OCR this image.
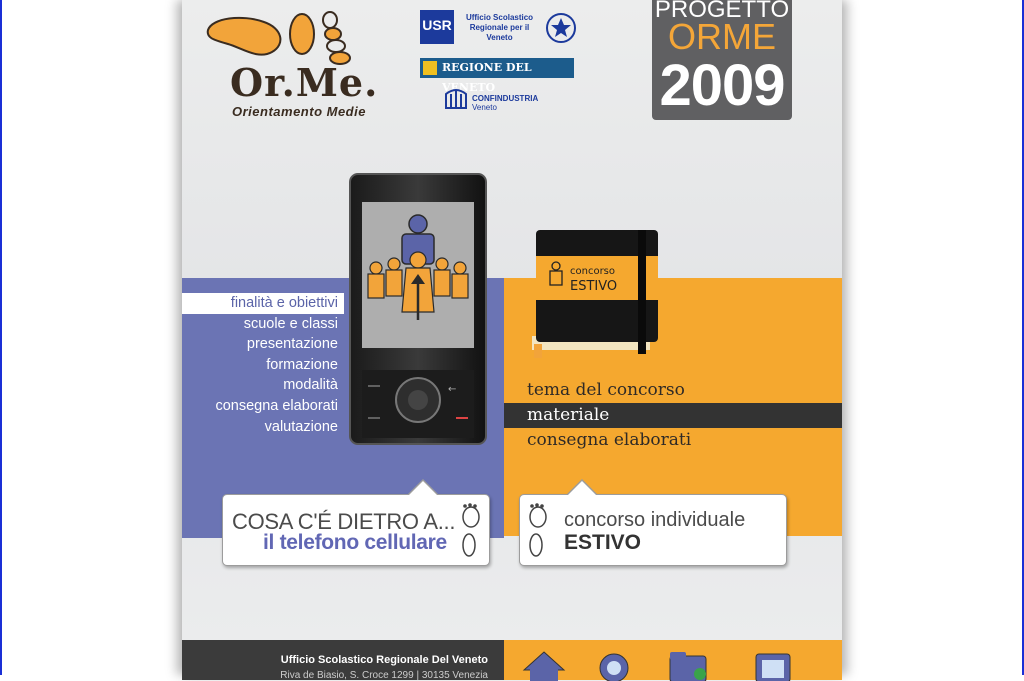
Or.Me.
Orientamento Medie
USR	Ufficio Scolastico Regionale per il Veneto
REGIONE DEL VENETO
CONFINDUSTRIA
Veneto
PROGETTO
ORME
2009
finalità e obiettivi
scuole e classi
presentazione
formazione
modalità
consegna elaborati
valutazione
←
concorso
ESTIVO
tema del concorso
materiale
consegna elaborati
COSA C'É DIETRO A...
il telefono cellulare
concorso individuale
ESTIVO
Ufficio Scolastico Regionale Del Veneto
Riva de Biasio, S. Croce 1299 | 30135 Venezia
